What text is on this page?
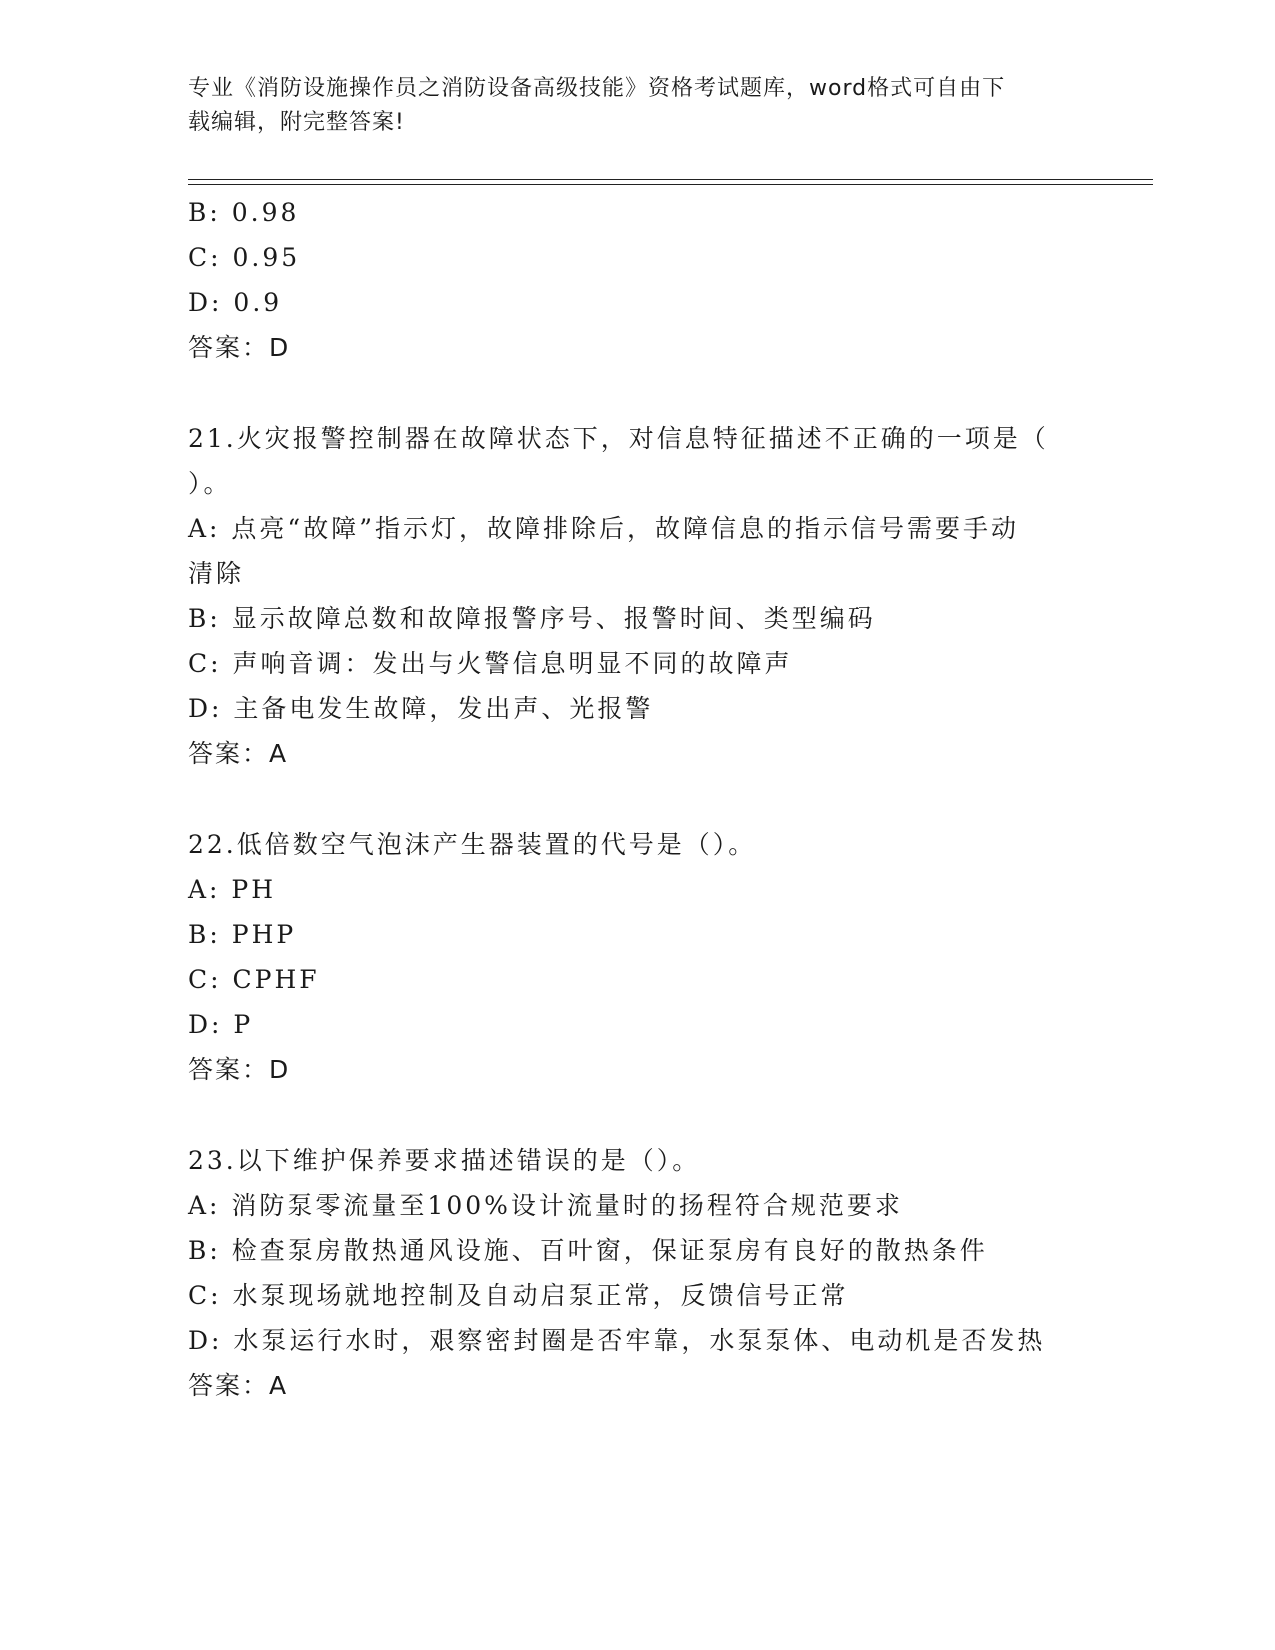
专业《消防设施操作员之消防设备高级技能》资格考试题库，word格式可自由下
载编辑，附完整答案!
B: 0.98
C: 0.95
D: 0.9
答案：D
21.火灾报警控制器在故障状态下，对信息特征描述不正确的一项是（
）。
A: 点亮“故障”指示灯，故障排除后，故障信息的指示信号需要手动
清除
B: 显示故障总数和故障报警序号、报警时间、类型编码
C: 声响音调：发出与火警信息明显不同的故障声
D: 主备电发生故障，发出声、光报警
答案：A
22.低倍数空气泡沫产生器装置的代号是（）。
A: PH
B: PHP
C: CPHF
D: P
答案：D
23.以下维护保养要求描述错误的是（）。
A: 消防泵零流量至100%设计流量时的扬程符合规范要求
B: 检查泵房散热通风设施、百叶窗，保证泵房有良好的散热条件
C: 水泵现场就地控制及自动启泵正常，反馈信号正常
D: 水泵运行水时，艰察密封圈是否牢靠，水泵泵体、电动机是否发热
答案：A
